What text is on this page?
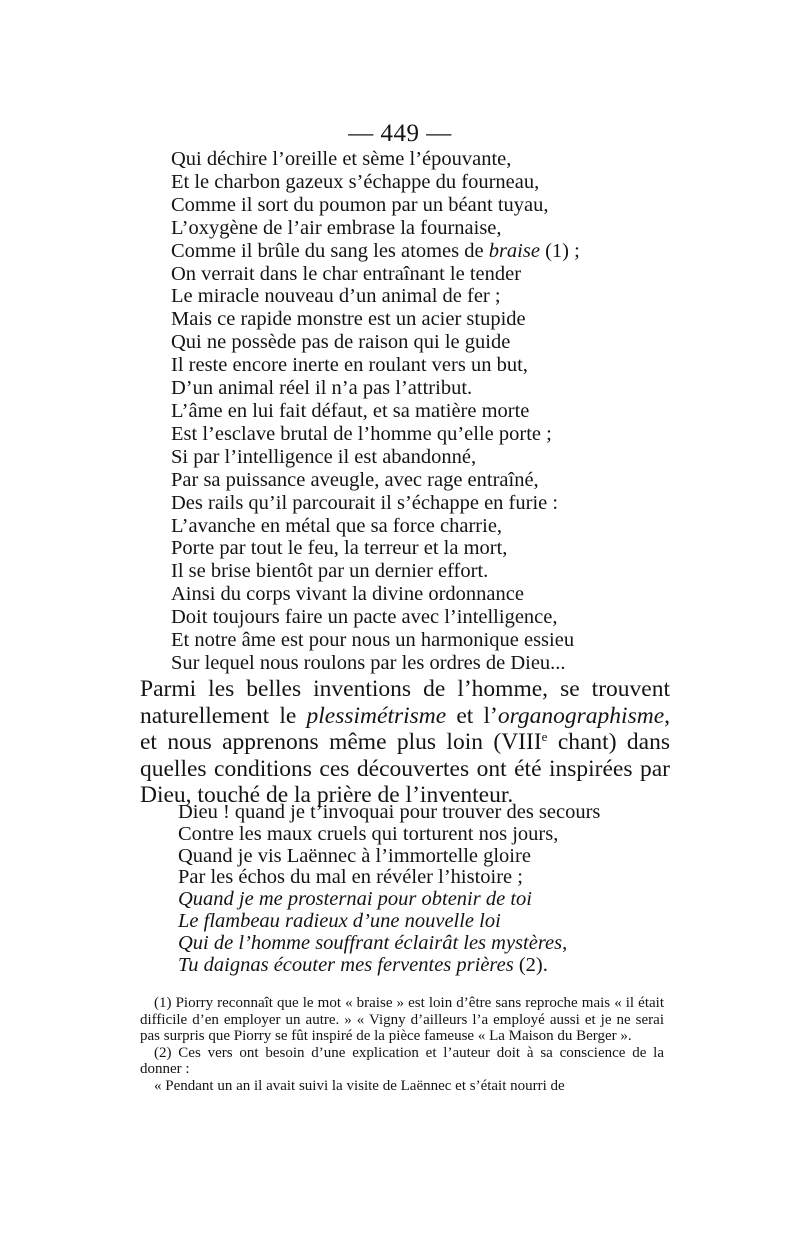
— 449 —
Qui déchire l’oreille et sème l’épouvante,
Et le charbon gazeux s’échappe du fourneau,
Comme il sort du poumon par un béant tuyau,
L’oxygène de l’air embrase la fournaise,
Comme il brûle du sang les atomes de braise (1) ;
On verrait dans le char entraînant le tender
Le miracle nouveau d’un animal de fer ;
Mais ce rapide monstre est un acier stupide
Qui ne possède pas de raison qui le guide
Il reste encore inerte en roulant vers un but,
D’un animal réel il n’a pas l’attribut.
L’âme en lui fait défaut, et sa matière morte
Est l’esclave brutal de l’homme qu’elle porte ;
Si par l’intelligence il est abandonné,
Par sa puissance aveugle, avec rage entraîné,
Des rails qu’il parcourait il s’échappe en furie :
L’avanche en métal que sa force charrie,
Porte par tout le feu, la terreur et la mort,
Il se brise bientôt par un dernier effort.
Ainsi du corps vivant la divine ordonnance
Doit toujours faire un pacte avec l’intelligence,
Et notre âme est pour nous un harmonique essieu
Sur lequel nous roulons par les ordres de Dieu...

Parmi les belles inventions de l’homme, se trouvent naturellement le plessimétrisme et l’organographisme, et nous apprenons même plus loin (VIIIe chant) dans quelles conditions ces découvertes ont été inspirées par Dieu, touché de la prière de l’inventeur.

Dieu ! quand je t’invoquai pour trouver des secours
Contre les maux cruels qui torturent nos jours,
Quand je vis Laënnec à l’immortelle gloire
Par les échos du mal en révéler l’histoire ;
Quand je me prosternai pour obtenir de toi
Le flambeau radieux d’une nouvelle loi
Qui de l’homme souffrant éclairât les mystères,
Tu daignas écouter mes ferventes prières (2).

(1) Piorry reconnaît que le mot « braise » est loin d’être sans reproche mais « il était difficile d’en employer un autre. » « Vigny d’ailleurs l’a employé aussi et je ne serai pas surpris que Piorry se fût inspiré de la pièce fameuse « La Maison du Berger ».

(2) Ces vers ont besoin d’une explication et l’auteur doit à sa conscience de la donner :

« Pendant un an il avait suivi la visite de Laënnec et s’était nourri de
